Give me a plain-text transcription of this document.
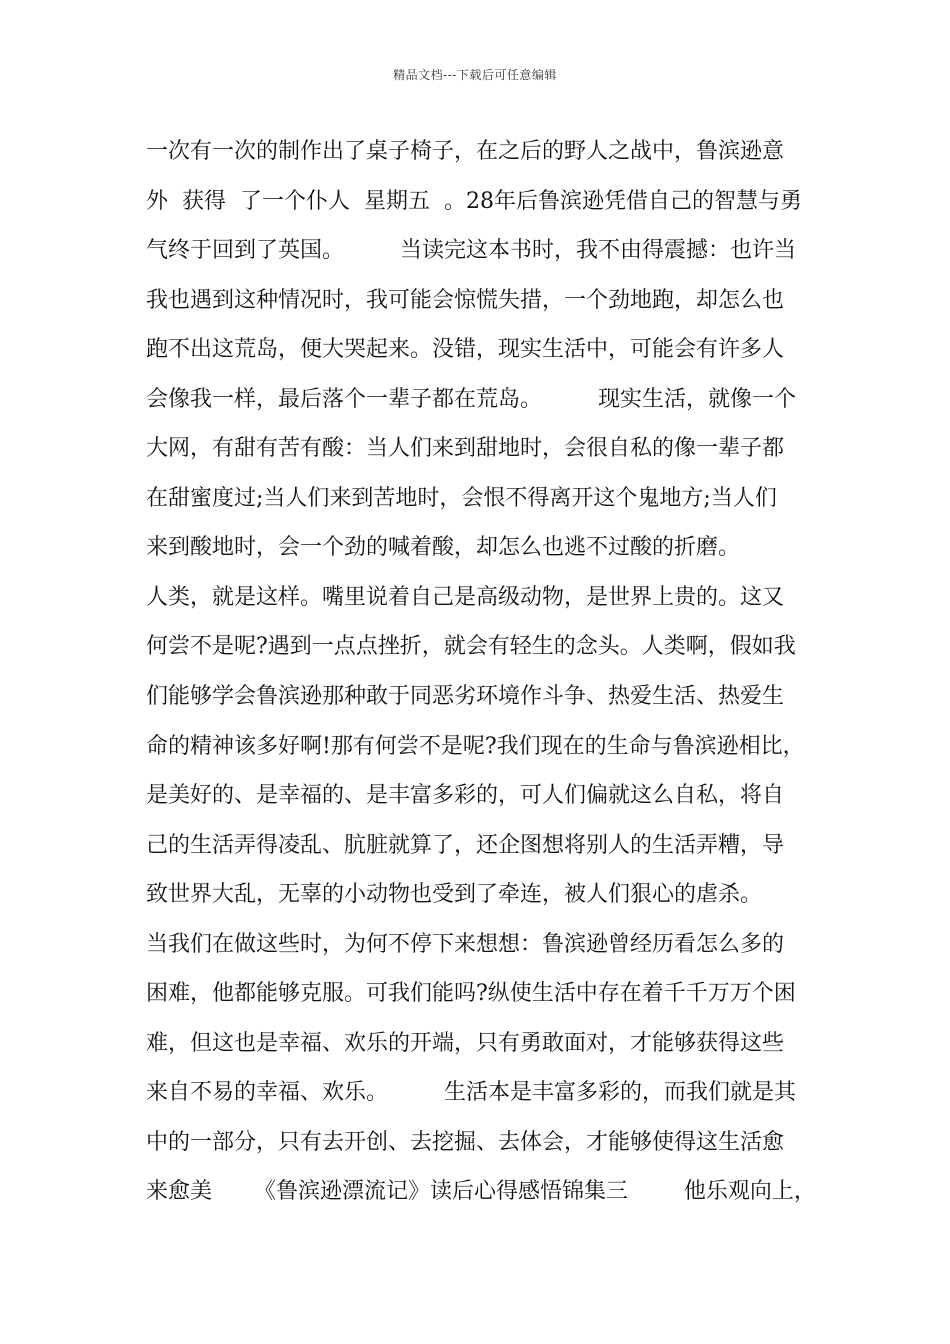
精品文档---下载后可任意编辑
一次有一次的制作出了桌子椅子，在之后的野人之战中，鲁滨逊意
外  获得  了一个仆人  星期五  。28年后鲁滨逊凭借自己的智慧与勇
气终于回到了英国。        当读完这本书时，我不由得震撼：也许当
我也遇到这种情况时，我可能会惊慌失措，一个劲地跑，却怎么也
跑不出这荒岛，便大哭起来。没错，现实生活中，可能会有许多人
会像我一样，最后落个一辈子都在荒岛。        现实生活，就像一个
大网，有甜有苦有酸：当人们来到甜地时，会很自私的像一辈子都
在甜蜜度过;当人们来到苦地时，会恨不得离开这个鬼地方;当人们
来到酸地时，会一个劲的喊着酸，却怎么也逃不过酸的折磨。
人类，就是这样。嘴里说着自己是高级动物，是世界上贵的。这又
何尝不是呢?遇到一点点挫折，就会有轻生的念头。人类啊，假如我
们能够学会鲁滨逊那种敢于同恶劣环境作斗争、热爱生活、热爱生
命的精神该多好啊!那有何尝不是呢?我们现在的生命与鲁滨逊相比，
是美好的、是幸福的、是丰富多彩的，可人们偏就这么自私，将自
己的生活弄得凌乱、肮脏就算了，还企图想将别人的生活弄糟，导
致世界大乱，无辜的小动物也受到了牵连，被人们狠心的虐杀。
当我们在做这些时，为何不停下来想想：鲁滨逊曾经历看怎么多的
困难，他都能够克服。可我们能吗?纵使生活中存在着千千万万个困
难，但这也是幸福、欢乐的开端，只有勇敢面对，才能够获得这些
来自不易的幸福、欢乐。        生活本是丰富多彩的，而我们就是其
中的一部分，只有去开创、去挖掘、去体会，才能够使得这生活愈
来愈美      《鲁滨逊漂流记》读后心得感悟锦集三        他乐观向上，
